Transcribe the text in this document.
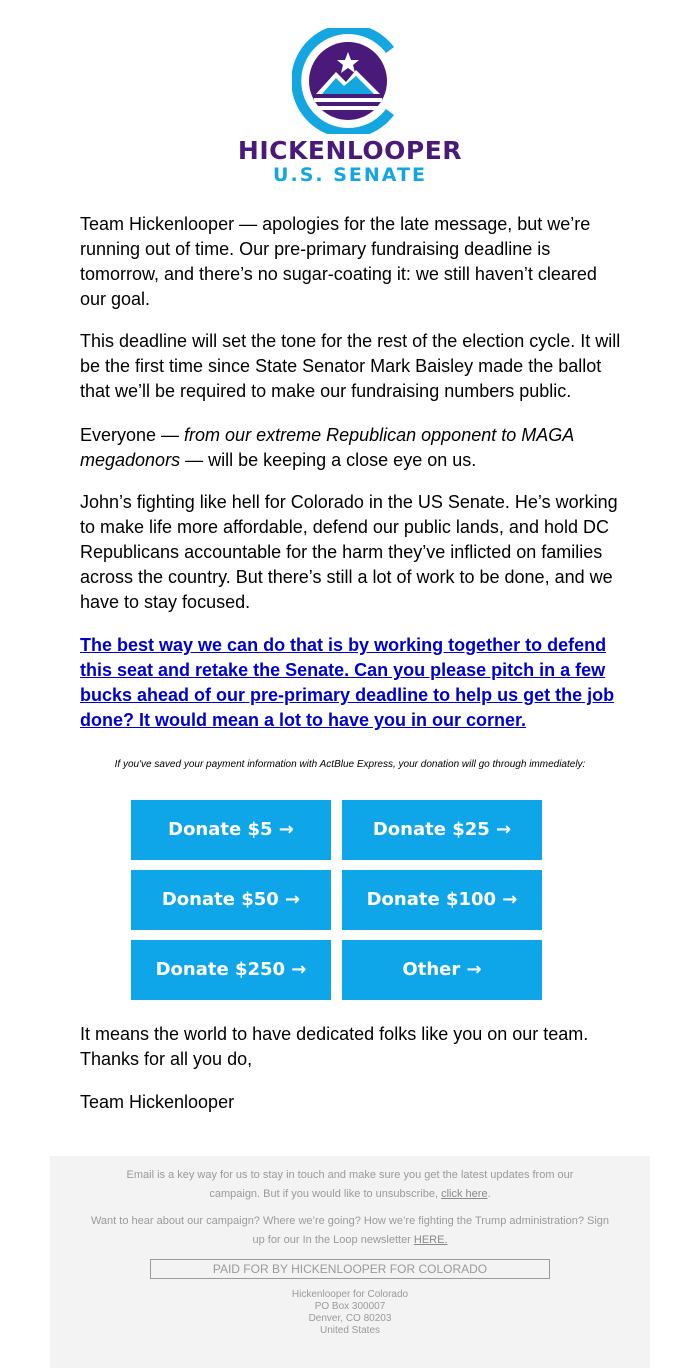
HICKENLOOPER
U.S. SENATE

Team Hickenlooper — apologies for the late message, but we’re running out of time. Our pre-primary fundraising deadline is tomorrow, and there’s no sugar-coating it: we still haven’t cleared our goal.

This deadline will set the tone for the rest of the election cycle. It will be the first time since State Senator Mark Baisley made the ballot that we’ll be required to make our fundraising numbers public.

Everyone — from our extreme Republican opponent to MAGA megadonors — will be keeping a close eye on us.

John’s fighting like hell for Colorado in the US Senate. He’s working to make life more affordable, defend our public lands, and hold DC Republicans accountable for the harm they’ve inflicted on families across the country. But there’s still a lot of work to be done, and we have to stay focused.

The best way we can do that is by working together to defend this seat and retake the Senate. Can you please pitch in a few bucks ahead of our pre-primary deadline to help us get the job done? It would mean a lot to have you in our corner.
If you've saved your payment information with ActBlue Express, your donation will go through immediately:
Donate $5 →	Donate $25 →
Donate $50 →	Donate $100 →
Donate $250 →	Other →
It means the world to have dedicated folks like you on our team.
Thanks for all you do,
Team Hickenlooper
Email is a key way for us to stay in touch and make sure you get the latest updates from our campaign. But if you would like to unsubscribe, click here.
Want to hear about our campaign? Where we’re going? How we’re fighting the Trump administration? Sign up for our In the Loop newsletter HERE.
PAID FOR BY HICKENLOOPER FOR COLORADO
Hickenlooper for Colorado
PO Box 300007
Denver, CO 80203
United States
